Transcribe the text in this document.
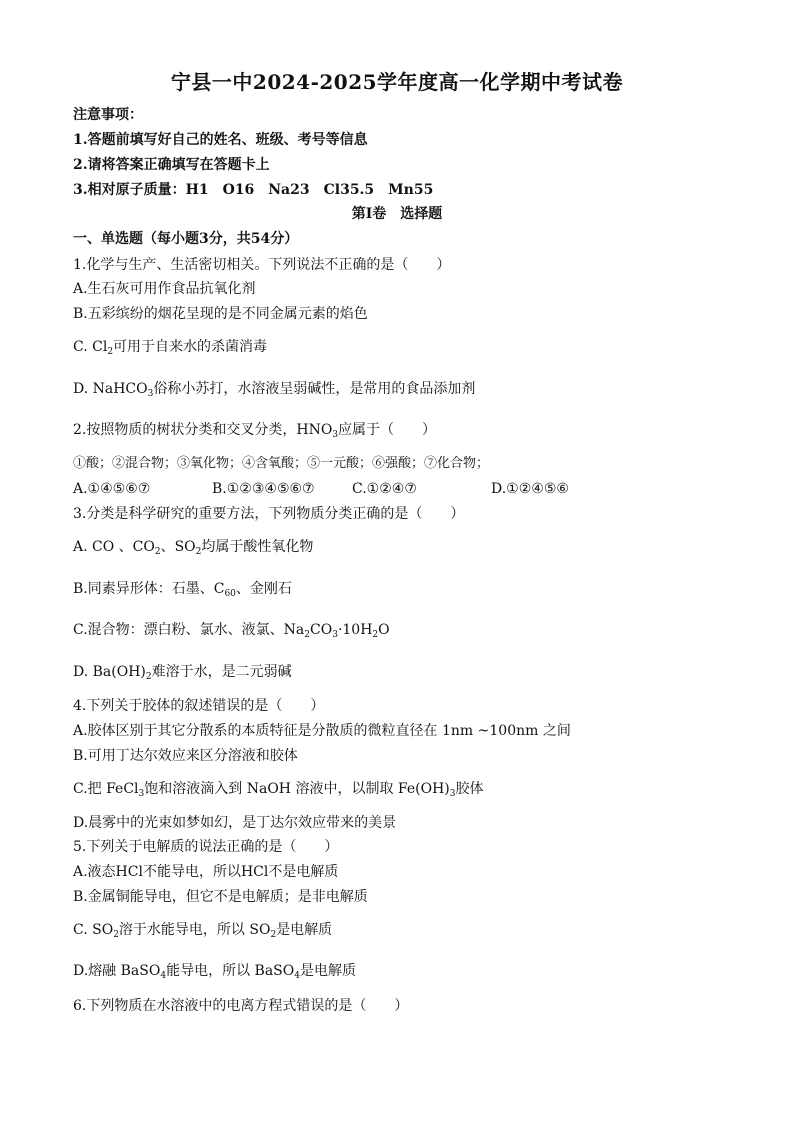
宁县一中2024-2025学年度高一化学期中考试卷
注意事项：
1.答题前填写好自己的姓名、班级、考号等信息
2.请将答案正确填写在答题卡上
3.相对原子质量：H1　O16　Na23　Cl35.5　Mn55
第Ⅰ卷　选择题
一、单选题（每小题3分，共54分）
1.化学与生产、生活密切相关。下列说法不正确的是（　　）
A.生石灰可用作食品抗氧化剂
B.五彩缤纷的烟花呈现的是不同金属元素的焰色
C. $Cl_2$可用于自来水的杀菌消毒
D. NaHCO$_3$俗称小苏打，水溶液呈弱碱性，是常用的食品添加剂
2.按照物质的树状分类和交叉分类，$HNO_3$应属于（　　）
①酸；②混合物；③氧化物；④含氧酸；⑤一元酸；⑥强酸；⑦化合物；
A.①④⑤⑥⑦	B.①②③④⑤⑥⑦	C.①②④⑦	D.①②④⑤⑥
3.分类是科学研究的重要方法，下列物质分类正确的是（　　）
A. CO 、$CO_2$、$SO_2$均属于酸性氧化物
B.同素异形体：石墨、$C_{60}$、金刚石
C.混合物：漂白粉、氯水、液氯、$Na_2CO_3\cdot 10H_2O$
D. $Ba(OH)_2$难溶于水，是二元弱碱
4.下列关于胶体的叙述错误的是（　　）
A.胶体区别于其它分散系的本质特征是分散质的微粒直径在 1nm ~100nm 之间
B.可用丁达尔效应来区分溶液和胶体
C.把 FeCl$_3$饱和溶液滴入到 NaOH 溶液中，以制取 $Fe(OH)_3$胶体
D.晨雾中的光束如梦如幻，是丁达尔效应带来的美景
5.下列关于电解质的说法正确的是（　　）
A.液态HCl不能导电，所以HCl不是电解质
B.金属铜能导电，但它不是电解质；是非电解质
C. $SO_2$溶于水能导电，所以 $SO_2$是电解质
D.熔融 BaSO$_4$能导电，所以 BaSO$_4$是电解质
6.下列物质在水溶液中的电离方程式错误的是（　　）
